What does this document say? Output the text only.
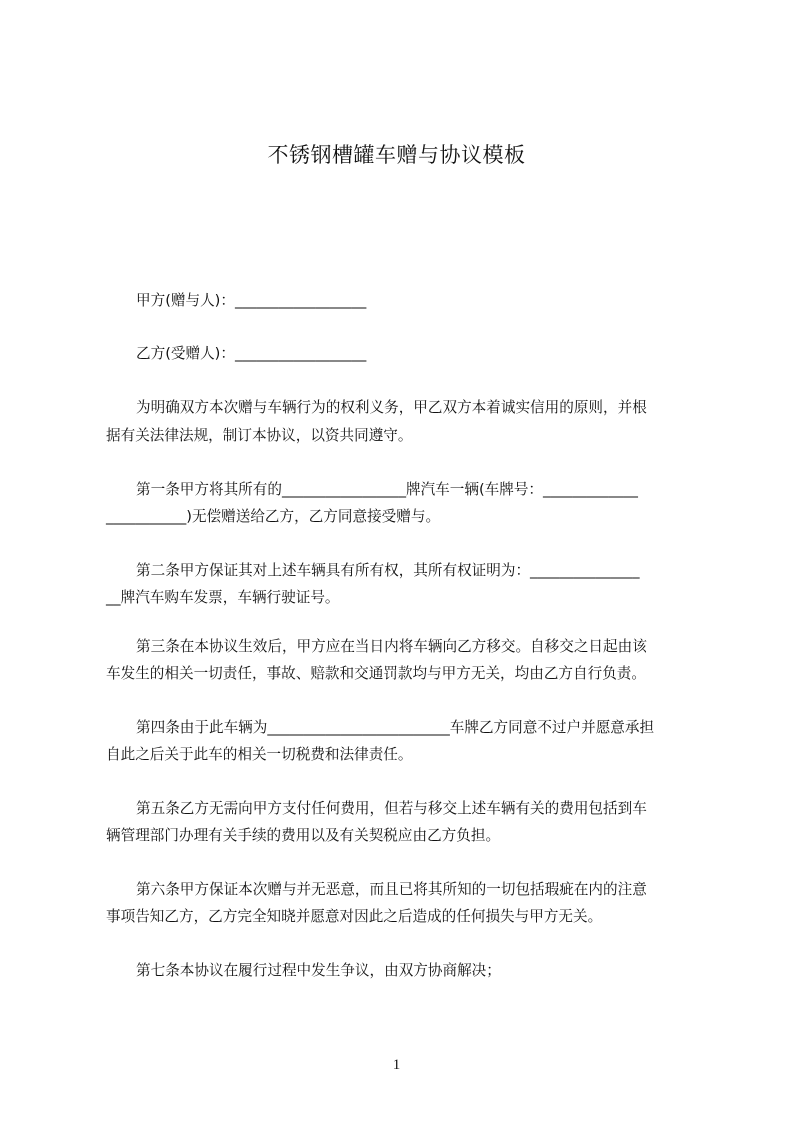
不锈钢槽罐车赠与协议模板
甲方(赠与人)：__________________
乙方(受赠人)：__________________
为明确双方本次赠与车辆行为的权利义务，甲乙双方本着诚实信用的原则，并根
据有关法律法规，制订本协议，以资共同遵守。
第一条甲方将其所有的_________________牌汽车一辆(车牌号：_____________
___________)无偿赠送给乙方，乙方同意接受赠与。
第二条甲方保证其对上述车辆具有所有权，其所有权证明为：_______________
__牌汽车购车发票，车辆行驶证号。
第三条在本协议生效后，甲方应在当日内将车辆向乙方移交。自移交之日起由该
车发生的相关一切责任，事故、赔款和交通罚款均与甲方无关，均由乙方自行负责。
第四条由于此车辆为_________________________车牌乙方同意不过户并愿意承担
自此之后关于此车的相关一切税费和法律责任。
第五条乙方无需向甲方支付任何费用，但若与移交上述车辆有关的费用包括到车
辆管理部门办理有关手续的费用以及有关契税应由乙方负担。
第六条甲方保证本次赠与并无恶意，而且已将其所知的一切包括瑕疵在内的注意
事项告知乙方，乙方完全知晓并愿意对因此之后造成的任何损失与甲方无关。
第七条本协议在履行过程中发生争议，由双方协商解决；
1
